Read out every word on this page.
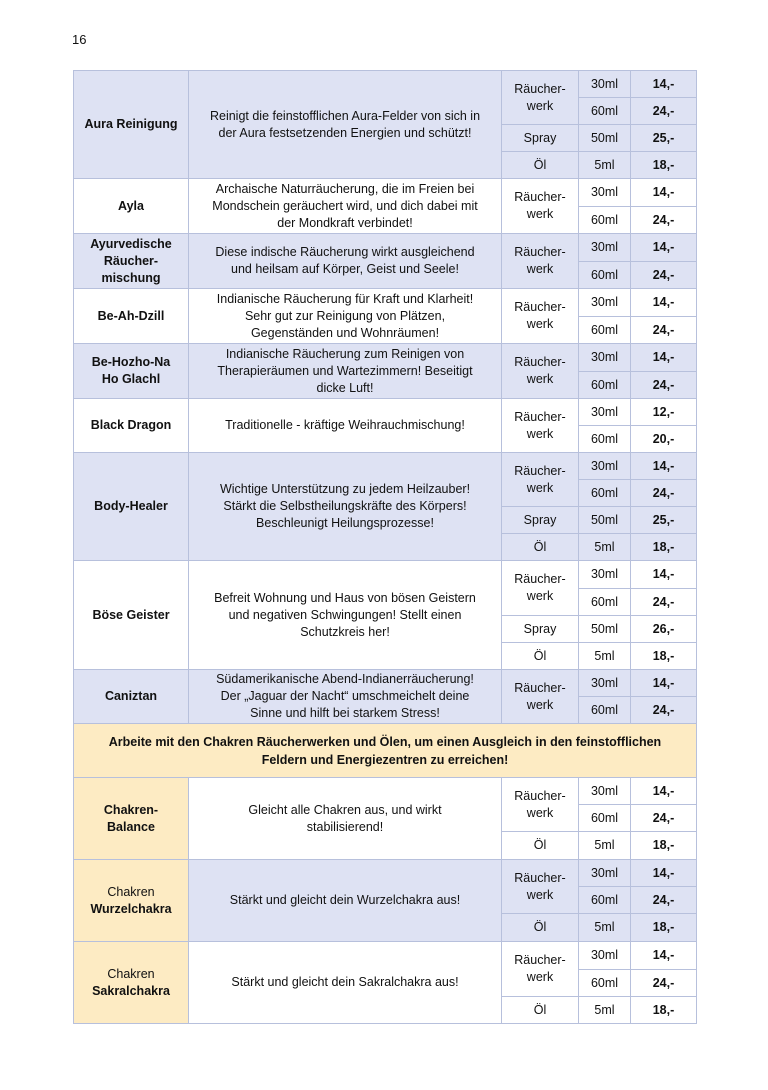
16
Aura Reinigung	Reinigt die feinstofflichen Aura-Felder von sich in
der Aura festsetzenden Energien und schützt!	Räucher-
werk	30ml	14,-
			60ml	24,-

		Spray	50ml	25,-

		Öl	5ml	18,-

Ayla	Archaische Naturräucherung, die im Freien bei
Mondschein geräuchert wird, und dich dabei mit
der Mondkraft verbindet!	Räucher-
werk	30ml	14,-
			60ml	24,-

Ayurvedische
Räucher-
mischung	Diese indische Räucherung wirkt ausgleichend
und heilsam auf Körper, Geist und Seele!	Räucher-
werk	30ml	14,-
			60ml	24,-

Be-Ah-Dzill	Indianische Räucherung für Kraft und Klarheit!
Sehr gut zur Reinigung von Plätzen,
Gegenständen und Wohnräumen!	Räucher-
werk	30ml	14,-
			60ml	24,-

Be-Hozho-Na
Ho Glachl	Indianische Räucherung zum Reinigen von
Therapieräumen und Wartezimmern! Beseitigt
dicke Luft!	Räucher-
werk	30ml	14,-
			60ml	24,-

Black Dragon	Traditionelle - kräftige Weihrauchmischung!	Räucher-
werk	30ml	12,-
			60ml	20,-

Body-Healer	Wichtige Unterstützung zu jedem Heilzauber!
Stärkt die Selbstheilungskräfte des Körpers!
Beschleunigt Heilungsprozesse!	Räucher-
werk	30ml	14,-
			60ml	24,-

		Spray	50ml	25,-

		Öl	5ml	18,-

Böse Geister	Befreit Wohnung und Haus von bösen Geistern
und negativen Schwingungen! Stellt einen
Schutzkreis her!	Räucher-
werk	30ml	14,-
			60ml	24,-

		Spray	50ml	26,-

		Öl	5ml	18,-

Caniztan	Südamerikanische Abend-Indianerräucherung!
Der „Jaguar der Nacht“ umschmeichelt deine
Sinne und hilft bei starkem Stress!	Räucher-
werk	30ml	14,-
			60ml	24,-
Arbeite mit den Chakren Räucherwerken und Ölen, um einen Ausgleich in den feinstofflichen Feldern und Energiezentren zu erreichen!				

Chakren-
Balance	Gleicht alle Chakren aus, und wirkt
stabilisierend!	Räucher-
werk	30ml	14,-
			60ml	24,-

		Öl	5ml	18,-

Chakren
Wurzelchakra	Stärkt und gleicht dein Wurzelchakra aus!	Räucher-
werk	30ml	14,-
			60ml	24,-

		Öl	5ml	18,-

Chakren
Sakralchakra	Stärkt und gleicht dein Sakralchakra aus!	Räucher-
werk	30ml	14,-
			60ml	24,-

		Öl	5ml	18,-
